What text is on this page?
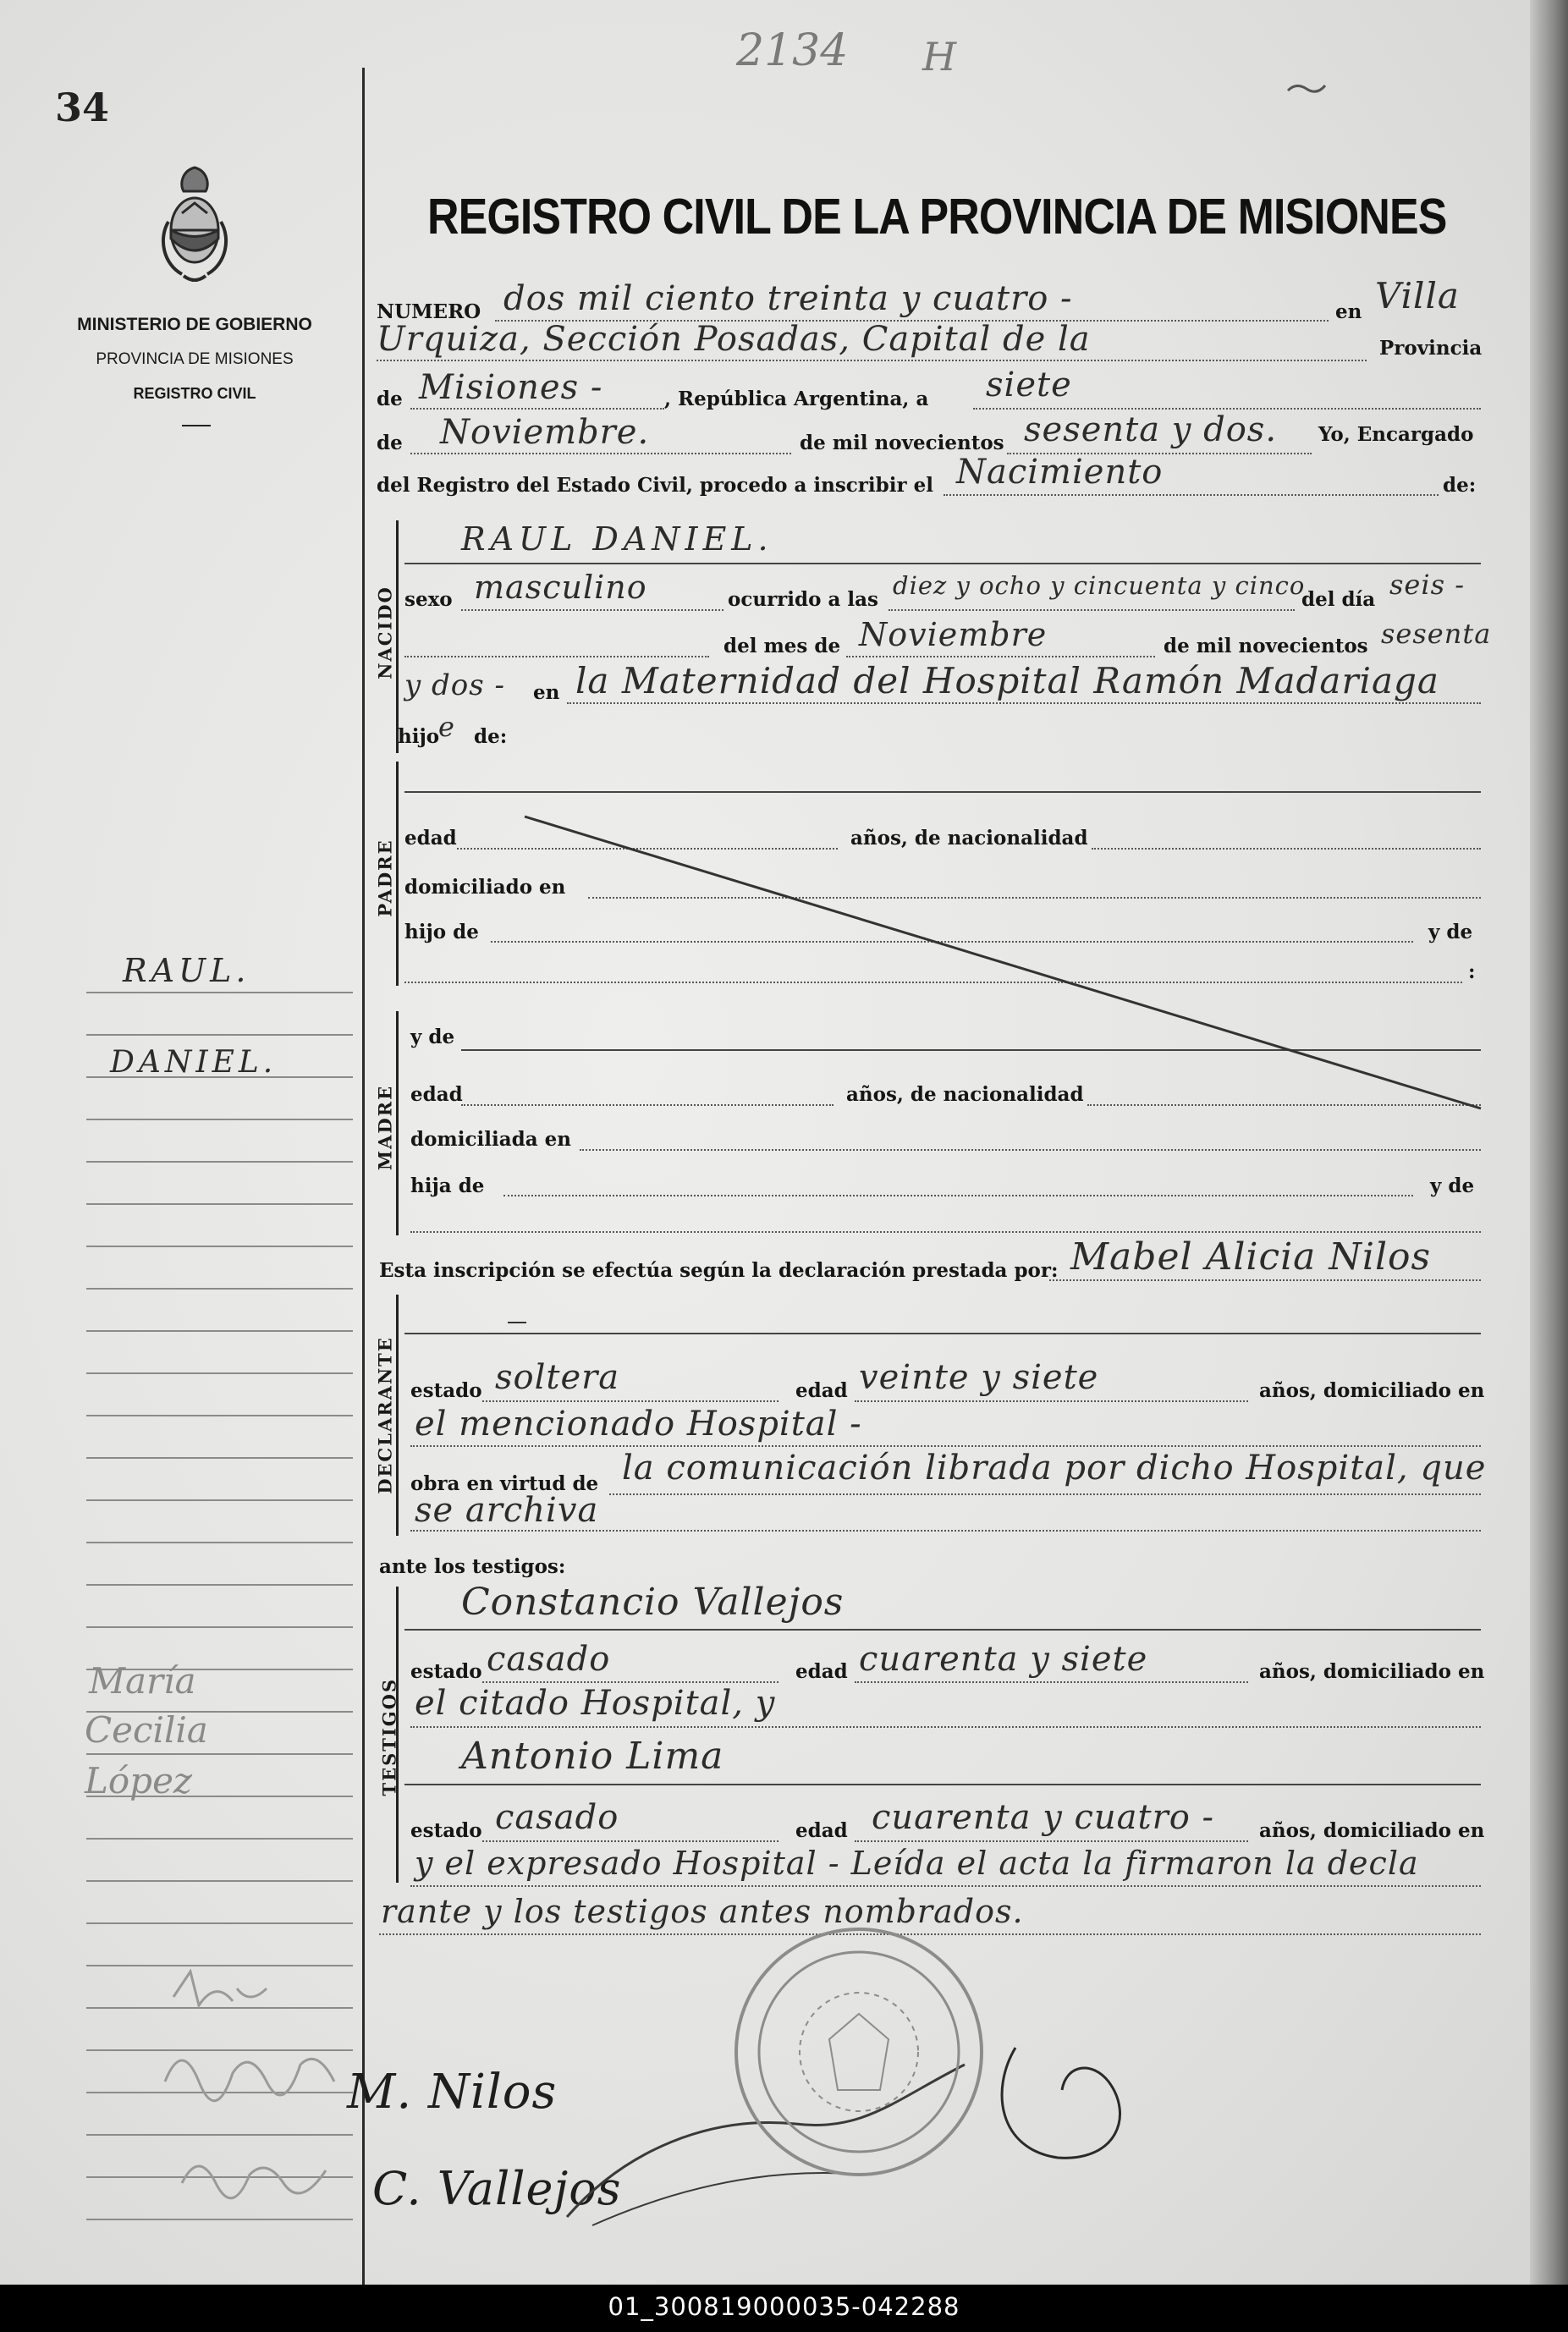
34
2134 H
MINISTERIO DE GOBIERNO
PROVINCIA DE MISIONES
REGISTRO CIVIL
REGISTRO CIVIL DE LA PROVINCIA DE MISIONES
NUMERO dos mil ciento treinta y cuatro -	en Villa
Urquiza, Sección Posadas, Capital de la	Provincia
de Misiones -	, República Argentina, a siete
de Noviembre.	de mil novecientos sesenta y dos. Yo, Encargado
del Registro del Estado Civil, procedo a inscribir el Nacimiento	de:
NACIDO
RAUL DANIEL.
sexo masculino	ocurrido a las diez y ocho y cincuenta y cinco
del día seis -
del mes de Noviembre	de mil novecientos sesenta
y dos - en la Maternidad del Hospital Ramón Madariaga
hijo
e de:
PADRE
edad	años, de nacionalidad
domiciliado en
hijo de	y de
:
MADRE
y de
edad	años, de nacionalidad
domiciliada en
hija de	y de
Esta inscripción se efectúa según la declaración prestada por: Mabel Alicia Nilos
DECLARANTE estado soltera	edad veinte y siete	años, domiciliado en
el mencionado Hospital -
obra en virtud de la comunicación librada por dicho Hospital, que
se archiva
ante los testigos:
TESTIGOS
Constancio Vallejos
estado casado	edad cuarenta y siete	años, domiciliado en
el citado Hospital, y
Antonio Lima
estado casado	edad cuarenta y cuatro - años, domiciliado en
y el expresado Hospital - Leída el acta la firmaron la decla
rante y los testigos antes nombrados.
RAUL.
DANIEL.
María
Cecilia
López
M. Nilos
C. Vallejos
01_300819000035-042288
